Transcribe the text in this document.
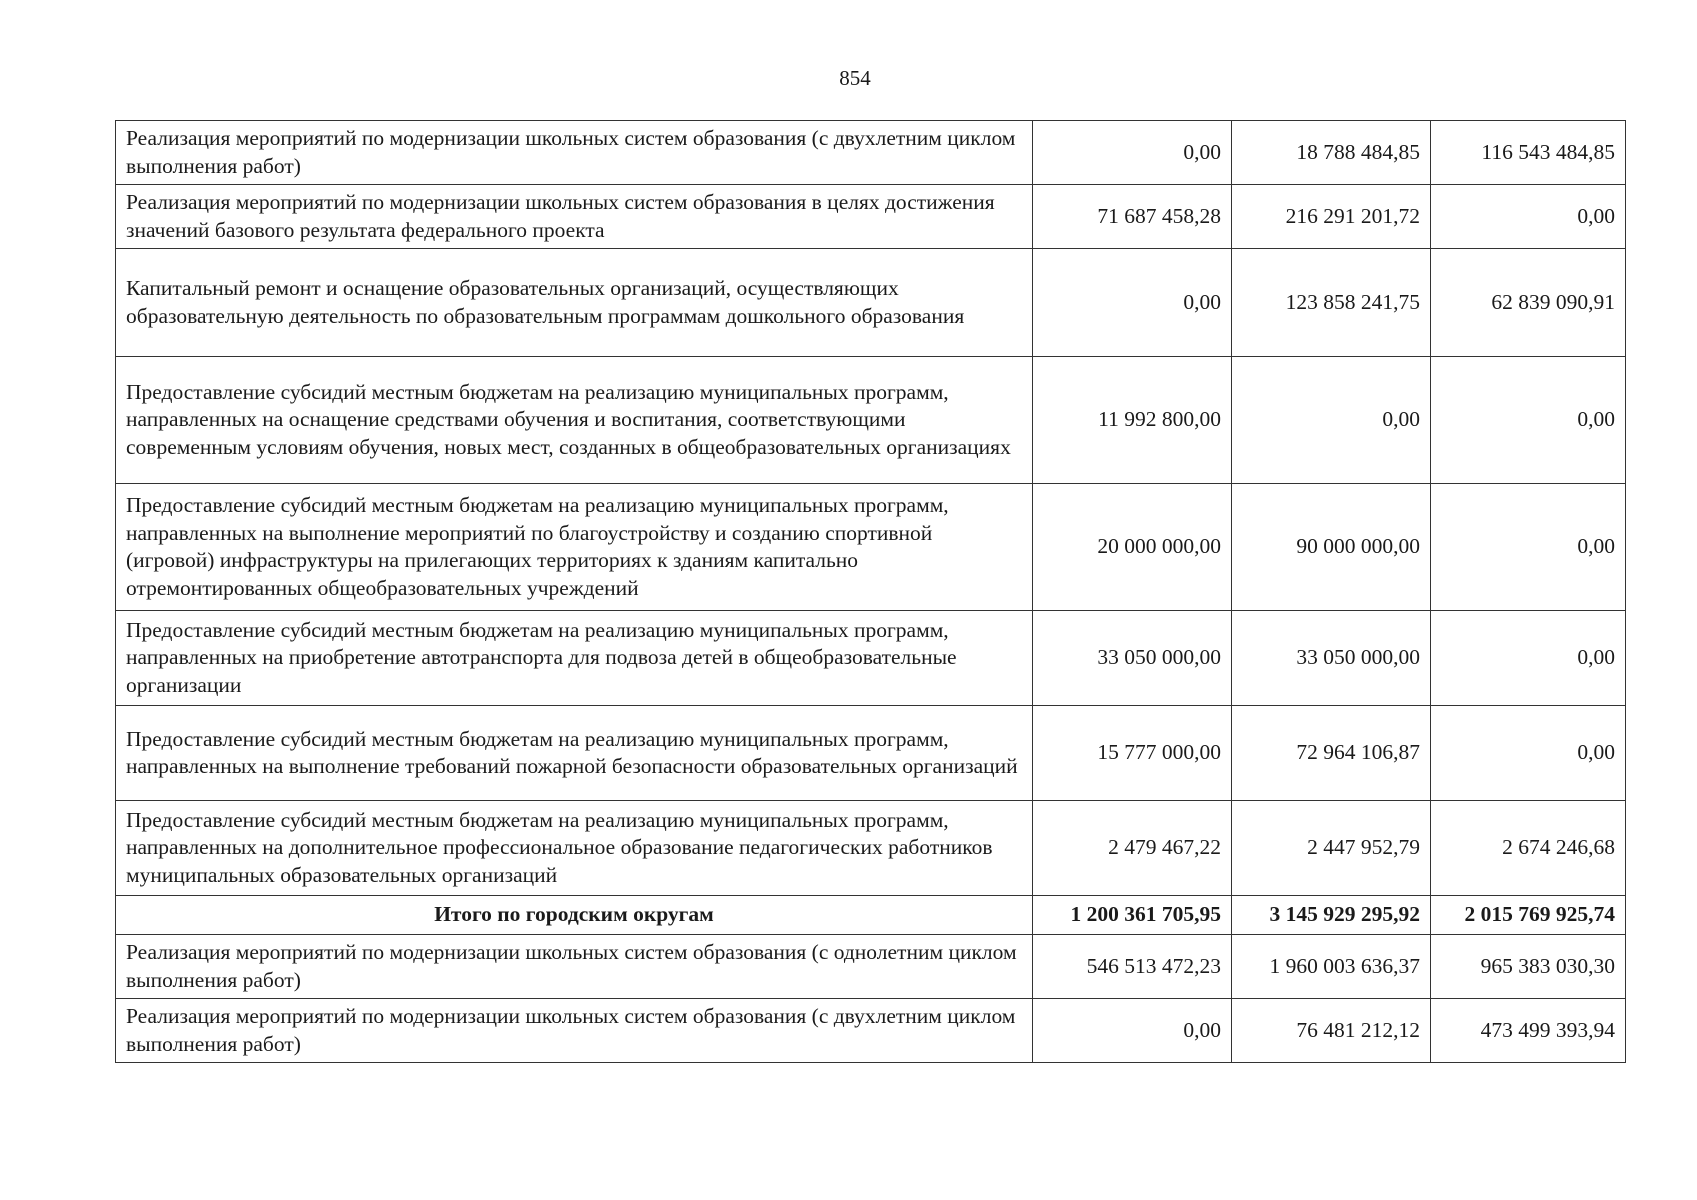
854
Реализация мероприятий по модернизации школьных систем образования (с двухлетним циклом выполнения работ)	0,00	18 788 484,85	116 543 484,85
Реализация мероприятий по модернизации школьных систем образования в целях достижения значений базового результата федерального проекта	71 687 458,28	216 291 201,72	0,00
Капитальный ремонт и оснащение образовательных организаций, осуществляющих образовательную деятельность по образовательным программам дошкольного образования	0,00	123 858 241,75	62 839 090,91
Предоставление субсидий местным бюджетам на реализацию муниципальных программ, направленных на оснащение средствами обучения и воспитания, соответствующими современным условиям обучения, новых мест, созданных в общеобразовательных организациях	11 992 800,00	0,00	0,00
Предоставление субсидий местным бюджетам на реализацию муниципальных программ, направленных на выполнение мероприятий по благоустройству и созданию спортивной (игровой) инфраструктуры на прилегающих территориях к зданиям капитально отремонтированных общеобразовательных учреждений	20 000 000,00	90 000 000,00	0,00
Предоставление субсидий местным бюджетам на реализацию муниципальных программ, направленных на приобретение автотранспорта для подвоза детей в общеобразовательные организации	33 050 000,00	33 050 000,00	0,00
Предоставление субсидий местным бюджетам на реализацию муниципальных программ, направленных на выполнение требований пожарной безопасности образовательных организаций	15 777 000,00	72 964 106,87	0,00
Предоставление субсидий местным бюджетам на реализацию муниципальных программ, направленных на дополнительное профессиональное образование педагогических работников муниципальных образовательных организаций	2 479 467,22	2 447 952,79	2 674 246,68
Итого по городским округам	1 200 361 705,95	3 145 929 295,92	2 015 769 925,74
Реализация мероприятий по модернизации школьных систем образования (с однолетним циклом выполнения работ)	546 513 472,23	1 960 003 636,37	965 383 030,30
Реализация мероприятий по модернизации школьных систем образования (с двухлетним циклом выполнения работ)	0,00	76 481 212,12	473 499 393,94
